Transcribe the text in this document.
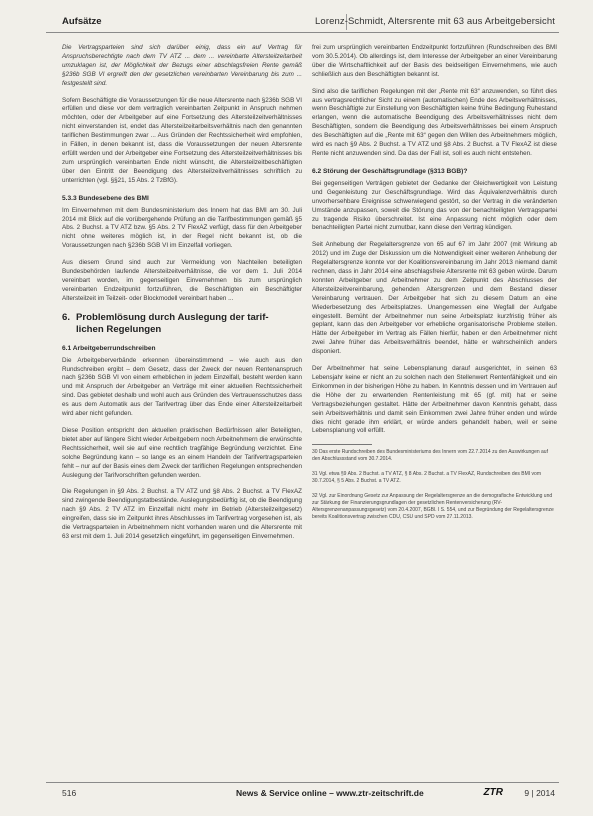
Aufsätze	Lorenz-Schmidt, Altersrente mit 63 aus Arbeitgebersicht

Die Vertragsparteien sind sich darüber einig, dass ein auf Vertrag für Anspruchsberechtigte nach dem TV ATZ ... dem ... vereinbarte Altersteilzeitarbeit umzuklagen ist, der Möglichkeit der Bezugs einer abschlagsfreien Rente gemäß §236b SGB VI ergreift den der gesetzlichen vereinbarten Vereinbarung bis zum ... festgestellt sind.

Sofern Beschäftigte die Voraussetzungen für die neue Altersrente nach §236b SGB VI erfüllen und diese vor dem vertraglich vereinbarten Zeitpunkt in Anspruch nehmen möchten, oder der Arbeitgeber auf eine Fortsetzung des Altersteilzeitverhältnisses nicht einverstanden ist, endet das Altersteilzeitarbeitsverhältnis nach den genannten tariflichen Bestimmungen zwar ... Aus Gründen der Rechtssicherheit wird empfohlen, in Fällen, in denen bekannt ist, dass die Voraussetzungen der neuen Altersrente erfüllt werden und der Arbeitgeber eine Fortsetzung des Altersteilzeitverhältnisses bis zum ursprünglich vereinbarten Ende nicht wünscht, die Altersteilzeitbeschäftigten über den Eintritt der Beendigung des Altersteilzeitverhältnisses schriftlich zu unterrichten (vgl. §§21, 15 Abs. 2 TzBfG).

5.3.3 Bundesebene des BMI

Im Einvernehmen mit dem Bundesministerium des Innern hat das BMI am 30. Juli 2014 mit Blick auf die vorübergehende Prüfung an die Tarifbestimmungen gemäß §5 Abs. 2 Buchst. a TV ATZ bzw. §5 Abs. 2 TV FlexAZ verfügt, dass für den Arbeitgeber nicht ohne weiteres möglich ist, in der Regel nicht bekannt ist, ob die Voraussetzungen nach §236b SGB VI im Einzelfall vorliegen.

Aus diesem Grund sind auch zur Vermeidung von Nachteilen beteiligten Bundesbehörden laufende Altersteilzeitverhältnisse, die vor dem 1. Juli 2014 vereinbart worden, im gegenseitigen Einvernehmen bis zum ursprünglich vereinbarten Endzeitpunkt fortzuführen, die Beschäftigten ein Beschäftigter Altersteilzeit im Teilzeit- oder Blockmodell vereinbart haben ...

6. Problemlösung durch Auslegung der tarif-
lichen Regelungen
6.1 Arbeitgeberrundschreiben

Die Arbeitgeberverbände erkennen übereinstimmend – wie auch aus den Rundschreiben ergibt – dem Gesetz, dass der Zweck der neuen Rentenanspruch nach §236b SGB VI von einem erheblichen in jedem Einzelfall, besteht werden kann und mit Anspruch der Arbeitgeber an Verträge mit einer aktuellen Rechtssicherheit sind. Das gebietet deshalb und wohl auch aus Gründen des Vertrauensschutzes dass es aus dem Automatik aus der Tarifvertrag über das Ende einer Altersteilzeitarbeit wird aber nicht gefunden.

Diese Position entspricht den aktuellen praktischen Bedürfnissen aller Beteiligten, bietet aber auf längere Sicht wieder Arbeitgebern noch Arbeitnehmern die erwünschte Rechtssicherheit, weil sie auf eine rechtlich tragfähige Begründung verzichtet. Eine solche Begründung kann – so lange es an einem Handeln der Tarifvertragsparteien fehlt – nur auf der Basis eines dem Zweck der tariflichen Regelungen entsprechenden Auslegung der Tarifvorschriften gefunden werden.

Die Regelungen in §9 Abs. 2 Buchst. a TV ATZ und §8 Abs. 2 Buchst. a TV FlexAZ sind zwingende Beendigungstatbestände. Auslegungsbedürftig ist, ob die Beendigung nach §9 Abs. 2 TV ATZ im Einzelfall nicht mehr im Betrieb (Altersteilzeitgesetz) eingreifen, dass sie im Zeitpunkt ihres Abschlusses im Tarifvertrag vorgesehen ist, als die Vertragsparteien in Arbeitnehmern nicht vorhanden waren und die Altersrente mit 63 erst mit dem 1. Juli 2014 gesetzlich eingeführt, im gegenseitigen Einvernehmen.

frei zum ursprünglich vereinbarten Endzeitpunkt fortzuführen (Rundschreiben des BMI vom 30.5.2014). Ob allerdings ist, dem Interesse der Arbeitgeber an einer Vereinbarung über die Wirtschaftlichkeit auf der Basis des beidseitigen Einvernehmens, wie auch schließlich aus den Beschäftigten bekannt ist.

Sind also die tariflichen Regelungen mit der „Rente mit 63“ anzuwenden, so führt dies aus vertragsrechtlicher Sicht zu einem (automatischen) Ende des Arbeitsverhältnisses, wenn Beschäftigte zur Einstellung von Beschäftigten keine frühe Bedingung Ruhestand erlangen, wenn die automatische Beendigung des Arbeitsverhältnisses nicht dem Beschäftigten, sondern die Beendigung des Arbeitsverhältnisses bei einem Anspruch des Beschäftigten auf die „Rente mit 63“ gegen den Willen des Arbeitnehmers möglich, wird es nach §9 Abs. 2 Buchst. a TV ATZ und §8 Abs. 2 Buchst. a TV FlexAZ ist diese Rente nicht anzuwenden sind. Da das der Fall ist, soll es auch nicht entstehen.

6.2 Störung der Geschäftsgrundlage (§313 BGB)?

Bei gegenseitigen Verträgen gebietet der Gedanke der Gleichwertigkeit von Leistung und Gegenleistung zur Geschäftsgrundlage. Wird das Äquivalenzverhältnis durch unvorhersehbare Ereignisse schwerwiegend gestört, so der Vertrag in die veränderten Umstände anzupassen, soweit die Störung das von der benachteiligten Vertragspartei zu tragende Risiko überschreitet. Ist eine Anpassung nicht möglich oder dem benachteiligten Partei nicht zumutbar, kann diese den Vertrag kündigen.

Seit Anhebung der Regelaltersgrenze von 65 auf 67 im Jahr 2007 (mit Wirkung ab 2012) und im Zuge der Diskussion um die Notwendigkeit einer weiteren Anhebung der Regelaltersgrenze konnte vor der Koalitionsvereinbarung im Jahr 2013 niemand damit rechnen, dass in Jahr 2014 eine abschlagsfreie Altersrente mit 63 geben würde. Darum konnten Arbeitgeber und Arbeitnehmer zu dem Zeitpunkt des Abschlusses der Altersteilzeitvereinbarung, gehenden Altersgrenzen und dem Bestand dieser Vereinbarung vertrauen. Der Arbeitgeber hat sich zu diesem Datum an eine Wiederbesetzung des Arbeitsplatzes. Unangemessen eine Wegfall der Aufgabe eingestellt. Bemüht der Arbeitnehmer nun seine Arbeitsplatz kurzfristig früher als geplant, kann das den Arbeitgeber vor erhebliche organisatorische Probleme stellen. Hätte der Arbeitgeber im Vertrag als Fällen hierfür, haben er den Arbeitnehmer nicht zwei Jahre früher das Arbeitsverhältnis beendet, hätte er wahrscheinlich anders disponiert.

Der Arbeitnehmer hat seine Lebensplanung darauf ausgerichtet, in seinen 63 Lebensjahr keine er nicht an zu solchen nach den Stellenwert Rentenfähigkeit und ein Einkommen in der bisherigen Höhe zu haben. In Kenntnis dessen und im Vertrauen auf die Höhe der zu erwartenden Rentenleistung mit 65 (gf. mit) hat er seine Vertragsbeziehungen gestaltet. Hätte der Arbeitnehmer davon Kenntnis gehabt, dass sein Arbeitsverhältnis und damit sein Einkommen zwei Jahre früher enden und würde dies nicht gerade ihm erklärt, er würde anders gehandelt haben, weil er seine Lebensplanung voll erfüllt.

30 Das erste Rundschreiben des Bundesministeriums des Innern vom 22.7.2014 zu den Auswirkungen auf den Abschlussstand vom 30.7.2014.

31 Vgl. etwa §9 Abs. 2 Buchst. a TV ATZ, § 8 Abs. 2 Buchst. a TV FlexAZ, Rundschreiben des BMI vom 30.7.2014, § 5 Abs. 2 Buchst. a TV ATZ.

32 Vgl. zur Einordnung Gesetz zur Anpassung der Regelaltersgrenze an die demografische Entwicklung und zur Stärkung der Finanzierungsgrundlagen der gesetzlichen Rentenversicherung (RV-Altersgrenzenanpassungsgesetz) vom 20.4.2007, BGBl. I S. 554, und zur Begründung der Regelaltersgrenze bereits Koalitionsvertrag zwischen CDU, CSU und SPD vom 27.11.2013.

516	News & Service online – www.ztr-zeitschrift.de	ZTR	9 | 2014
